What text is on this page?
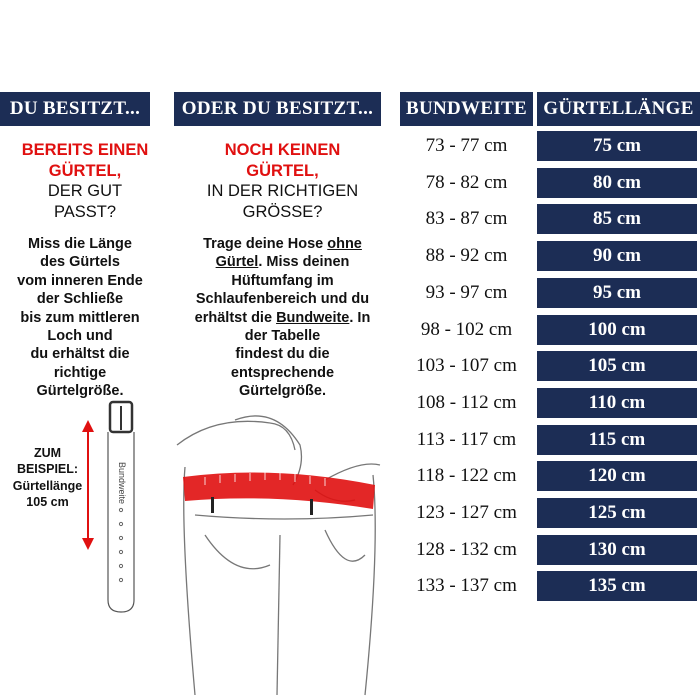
DU BESITZT...	ODER DU BESITZT...	BUNDWEITE GÜRTELLÄNGE
BEREITS EINEN
GÜRTEL,
DER GUT
PASST?
Miss die Länge
des Gürtels
vom inneren Ende
der Schließe
bis zum mittleren
Loch und
du erhältst die
richtige
Gürtelgröße.
ZUM
BEISPIEL:
Gürtellänge
105 cm	Bundweite
NOCH KEINEN
GÜRTEL,
IN DER RICHTIGEN
GRÖSSE?
Trage deine Hose ohne
Gürtel. Miss deinen
Hüftumfang im
Schlaufenbereich und du
erhältst die Bundweite. In
der Tabelle
findest du die
entsprechende
Gürtelgröße.
73 - 77 cm	75 cm
78 - 82 cm	80 cm
83 - 87 cm	85 cm
88 - 92 cm	90 cm
93 - 97 cm	95 cm
98 - 102 cm	100 cm
103 - 107 cm	105 cm
108 - 112 cm	110 cm
113 - 117 cm	115 cm
118 - 122 cm	120 cm
123 - 127 cm	125 cm
128 - 132 cm	130 cm
133 - 137 cm	135 cm
